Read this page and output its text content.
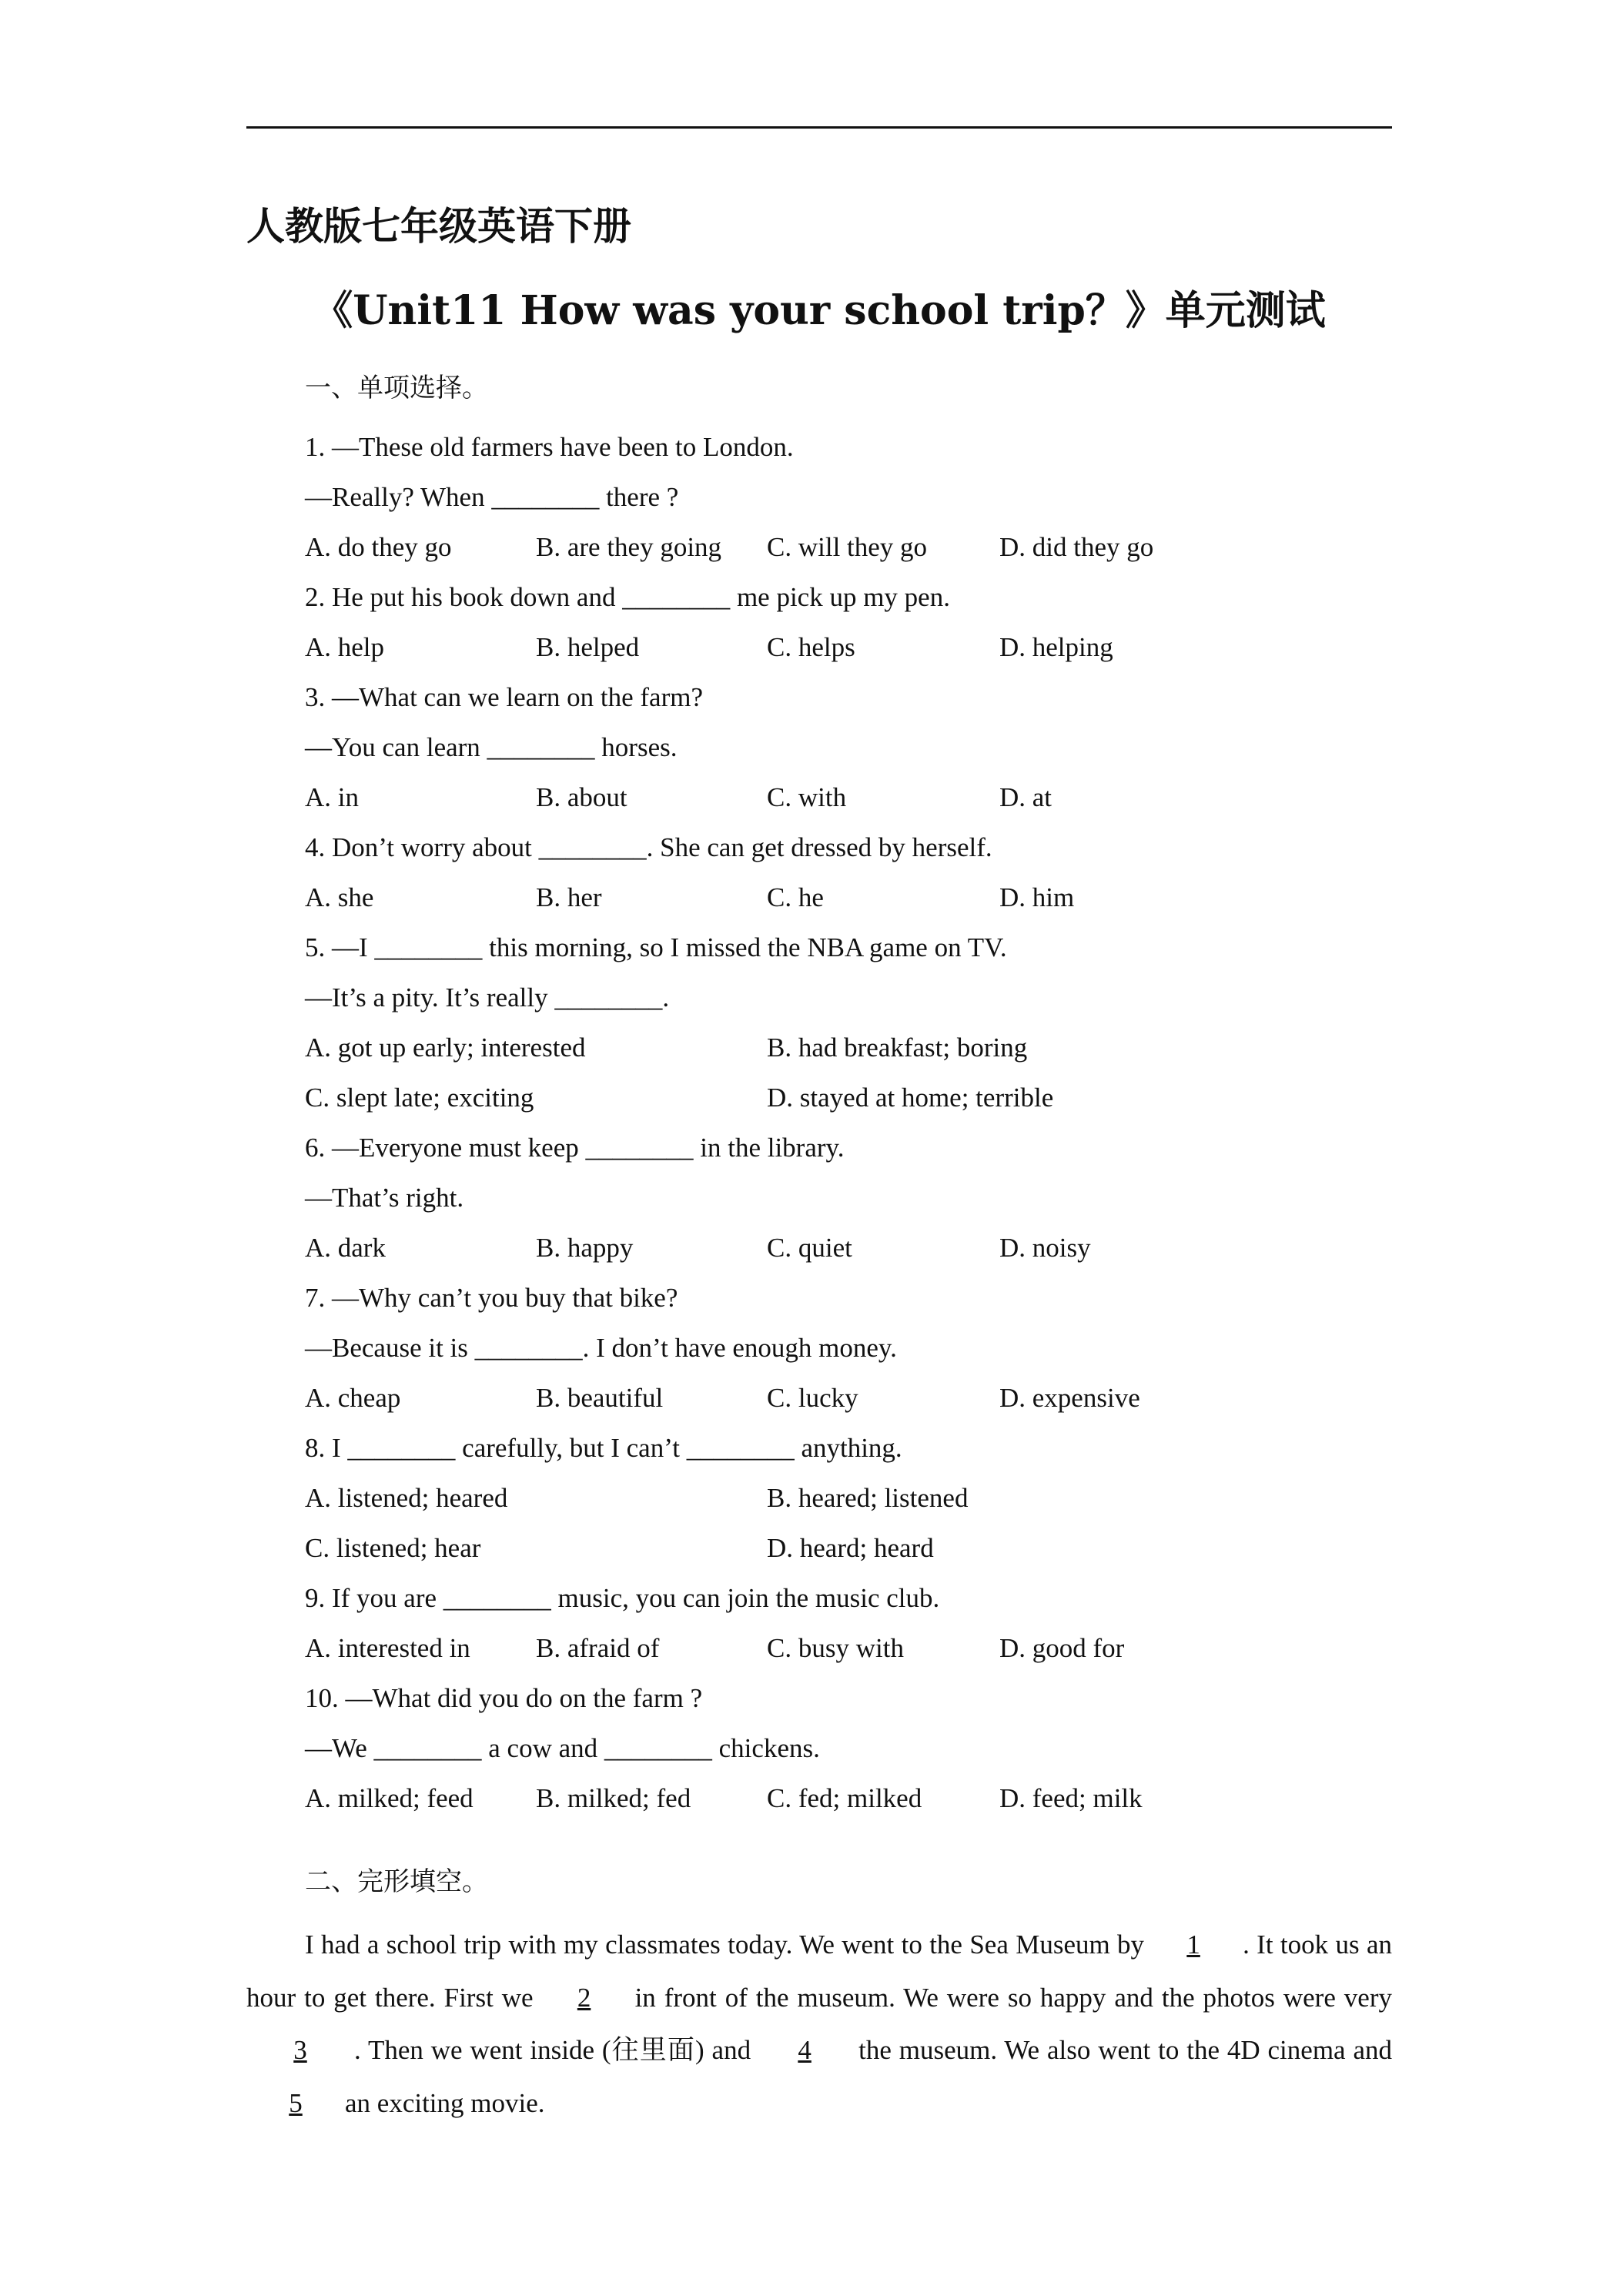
人教版七年级英语下册
《Unit11 How was your school trip？》单元测试
一、单项选择。
1. —These old farmers have been to London.
—Really? When ________ there ?
A. do they go	B. are they going C. will they go	D. did they go
2. He put his book down and ________ me pick up my pen.
A. help	B. helped	C. helps	D. helping
3. —What can we learn on the farm?
—You can learn ________ horses.
A. in	B. about	C. with	D. at
4. Don’t worry about ________. She can get dressed by herself.
A. she	B. her	C. he	D. him
5. —I ________ this morning, so I missed the NBA game on TV.
—It’s a pity. It’s really ________.
A. got up early; interested	B. had breakfast; boring
C. slept late; exciting	D. stayed at home; terrible
6. —Everyone must keep ________ in the library.
—That’s right.
A. dark	B. happy	C. quiet	D. noisy
7. —Why can’t you buy that bike?
—Because it is ________. I don’t have enough money.
A. cheap	B. beautiful	C. lucky	D. expensive
8. I ________ carefully, but I can’t ________ anything.
A. listened; heared	B. heared; listened
C. listened; hear	D. heard; heard
9. If you are ________ music, you can join the music club.
A. interested in B. afraid of	C. busy with	D. good for
10. —What did you do on the farm ?
—We ________ a cow and ________ chickens.
A. milked; feed B. milked; fed	C. fed; milked	D. feed; milk
二、完形填空。
I had a school trip with my classmates today. We went to the Sea Museum by 1 . It took us an hour to get there. First we 2 in front of the museum. We were so happy and the photos were very3 . Then we went inside (往里面) and 4 the museum. We also went to the 4D cinema and5 an exciting movie.
